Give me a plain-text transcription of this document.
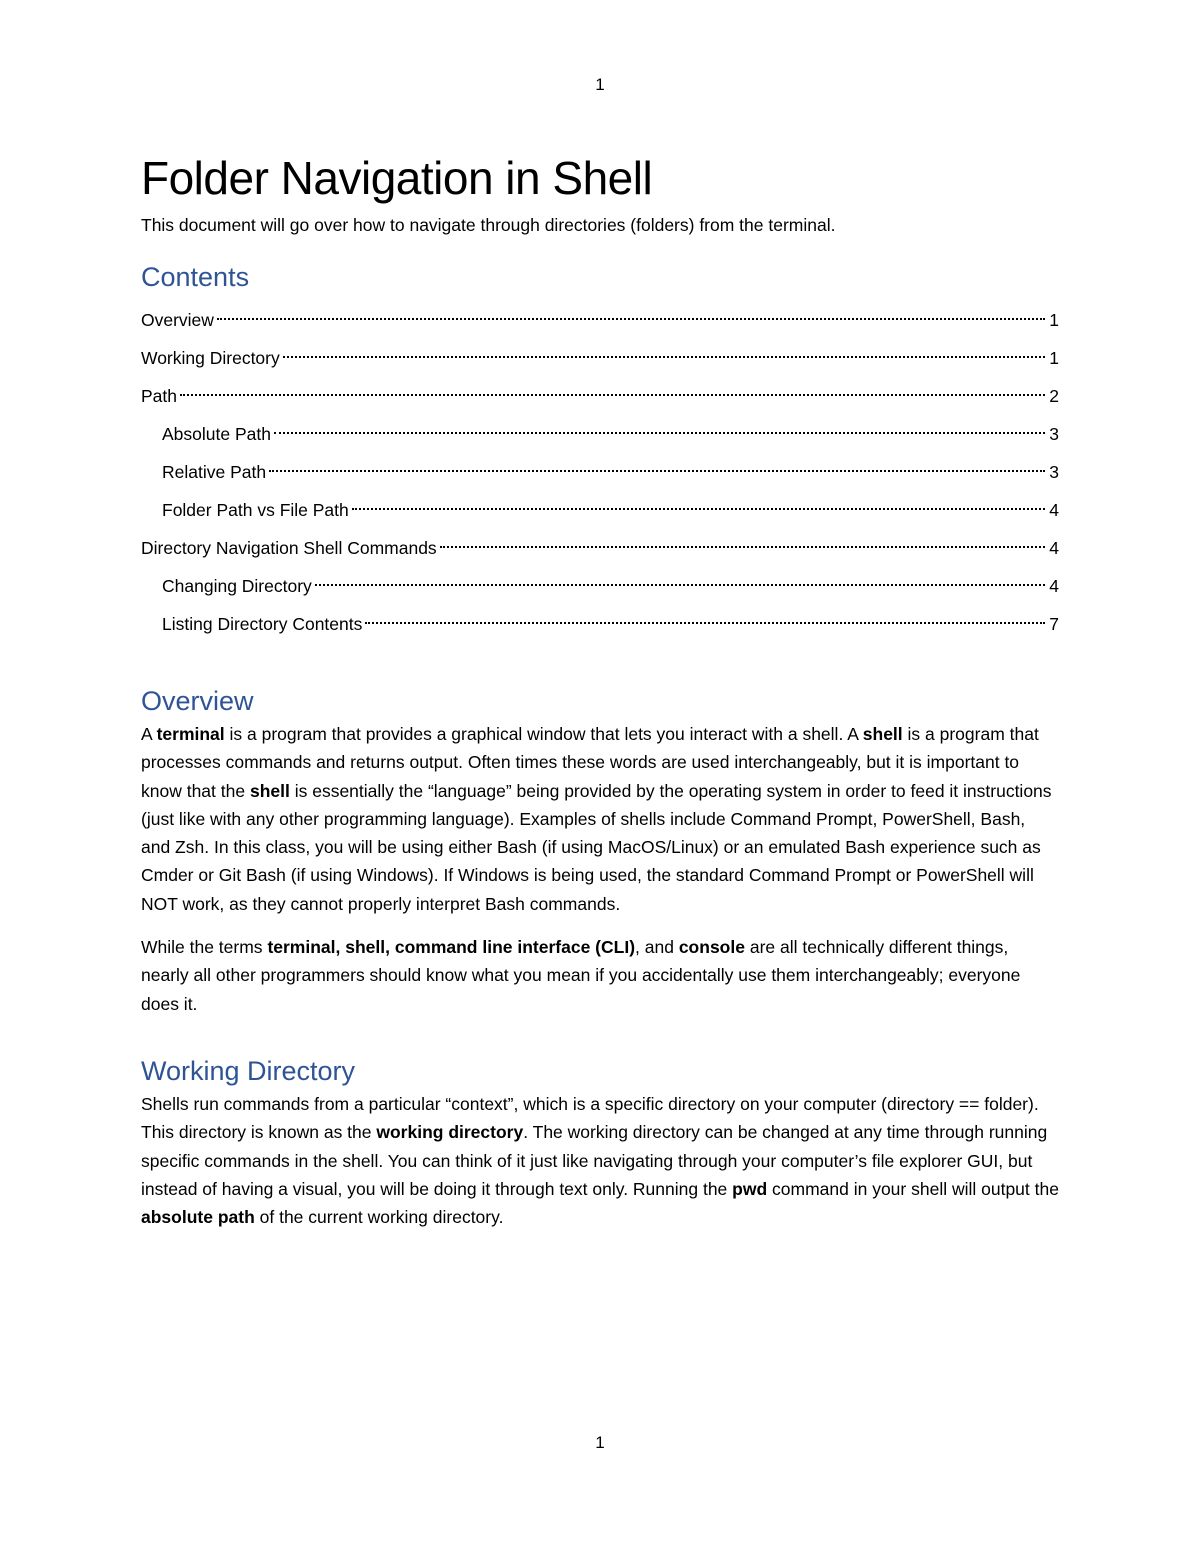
1
Folder Navigation in Shell

This document will go over how to navigate through directories (folders) from the terminal.

Contents
Overview	1
Working Directory	1
Path	2
Absolute Path	3
Relative Path	3
Folder Path vs File Path	4
Directory Navigation Shell Commands	4
Changing Directory	4
Listing Directory Contents	7
Overview

A terminal is a program that provides a graphical window that lets you interact with a shell. A shell is a program that processes commands and returns output. Often times these words are used interchangeably, but it is important to know that the shell is essentially the “language” being provided by the operating system in order to feed it instructions (just like with any other programming language). Examples of shells include Command Prompt, PowerShell, Bash, and Zsh. In this class, you will be using either Bash (if using MacOS/Linux) or an emulated Bash experience such as Cmder or Git Bash (if using Windows). If Windows is being used, the standard Command Prompt or PowerShell will NOT work, as they cannot properly interpret Bash commands.

While the terms terminal, shell, command line interface (CLI), and console are all technically different things, nearly all other programmers should know what you mean if you accidentally use them interchangeably; everyone does it.

Working Directory

Shells run commands from a particular “context”, which is a specific directory on your computer (directory == folder). This directory is known as the working directory. The working directory can be changed at any time through running specific commands in the shell. You can think of it just like navigating through your computer’s file explorer GUI, but instead of having a visual, you will be doing it through text only. Running the pwd command in your shell will output the absolute path of the current working directory.

1
